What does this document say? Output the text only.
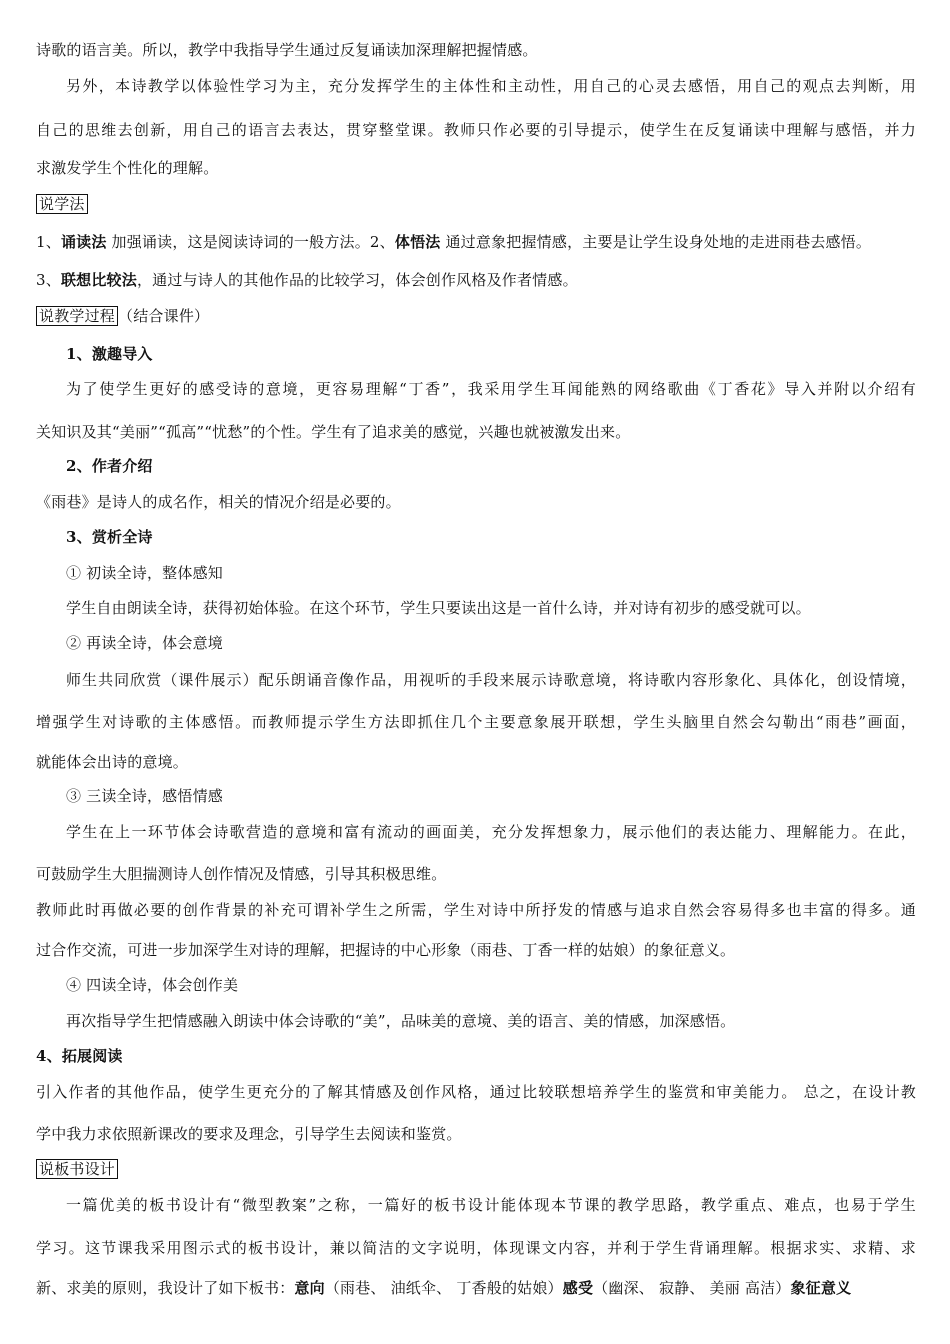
诗歌的语言美。所以，教学中我指导学生通过反复诵读加深理解把握情感。
另外，本诗教学以体验性学习为主，充分发挥学生的主体性和主动性，用自己的心灵去感悟，用自己的观点去判断，用
自己的思维去创新，用自己的语言去表达，贯穿整堂课。教师只作必要的引导提示，使学生在反复诵读中理解与感悟，并力
求激发学生个性化的理解。
说学法
1、诵读法 加强诵读，这是阅读诗词的一般方法。2、体悟法 通过意象把握情感，主要是让学生设身处地的走进雨巷去感悟。
3、联想比较法，通过与诗人的其他作品的比较学习，体会创作风格及作者情感。
说教学过程 （结合课件）
1、激趣导入
为了使学生更好的感受诗的意境，更容易理解“丁香”，我采用学生耳闻能熟的网络歌曲《丁香花》导入并附以介绍有
关知识及其“美丽”“孤高”“忧愁”的个性。学生有了追求美的感觉，兴趣也就被激发出来。
2、作者介绍
《雨巷》是诗人的成名作，相关的情况介绍是必要的。
3、赏析全诗
① 初读全诗，整体感知
学生自由朗读全诗，获得初始体验。在这个环节，学生只要读出这是一首什么诗，并对诗有初步的感受就可以。
② 再读全诗，体会意境
师生共同欣赏（课件展示）配乐朗诵音像作品，用视听的手段来展示诗歌意境，将诗歌内容形象化、具体化，创设情境，
增强学生对诗歌的主体感悟。而教师提示学生方法即抓住几个主要意象展开联想，学生头脑里自然会勾勒出“雨巷”画面，
就能体会出诗的意境。
③ 三读全诗，感悟情感
学生在上一环节体会诗歌营造的意境和富有流动的画面美，充分发挥想象力，展示他们的表达能力、理解能力。在此，
可鼓励学生大胆揣测诗人创作情况及情感，引导其积极思维。
教师此时再做必要的创作背景的补充可谓补学生之所需，学生对诗中所抒发的情感与追求自然会容易得多也丰富的得多。通
过合作交流，可进一步加深学生对诗的理解，把握诗的中心形象（雨巷、丁香一样的姑娘）的象征意义。
④ 四读全诗，体会创作美
再次指导学生把情感融入朗读中体会诗歌的“美”，品味美的意境、美的语言、美的情感，加深感悟。
4、拓展阅读
引入作者的其他作品，使学生更充分的了解其情感及创作风格，通过比较联想培养学生的鉴赏和审美能力。 总之，在设计教
学中我力求依照新课改的要求及理念，引导学生去阅读和鉴赏。
说板书设计
一篇优美的板书设计有“微型教案”之称，一篇好的板书设计能体现本节课的教学思路，教学重点、难点，也易于学生
学习。这节课我采用图示式的板书设计，兼以简洁的文字说明，体现课文内容，并利于学生背诵理解。根据求实、求精、求
新、求美的原则，我设计了如下板书：意向（雨巷、 油纸伞、 丁香般的姑娘）感受（幽深、 寂静、 美丽 高洁）象征意义
